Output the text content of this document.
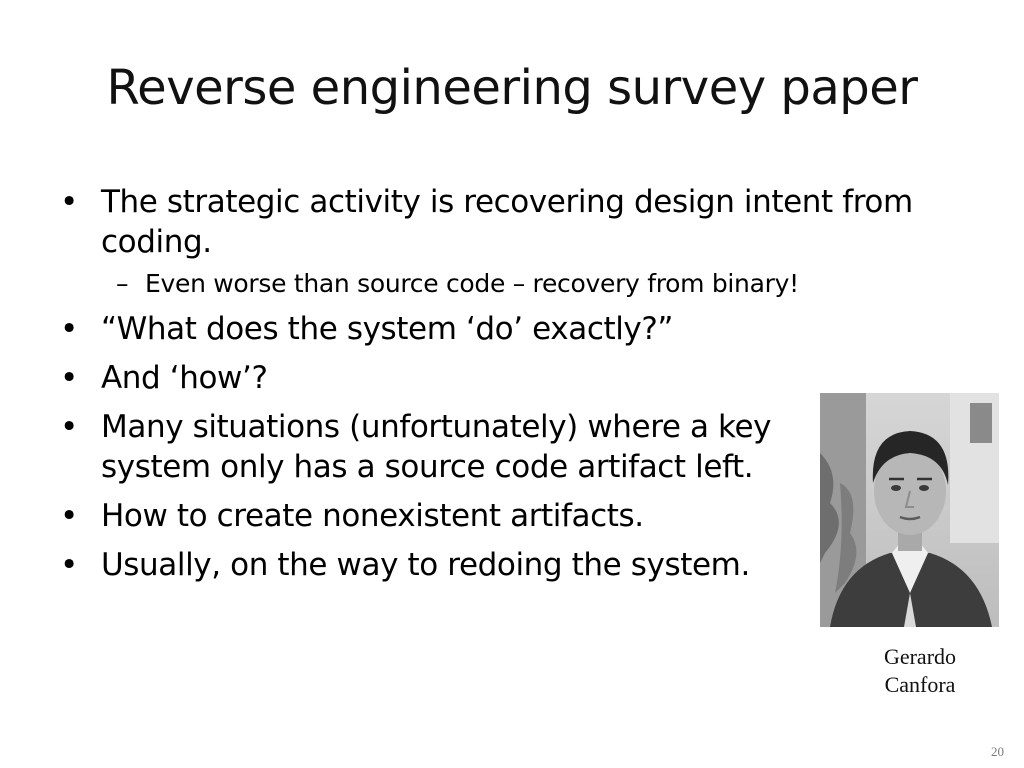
Reverse engineering survey paper
• The strategic activity is recovering design intent from coding.
– Even worse than source code – recovery from binary!
• “What does the system ‘do’ exactly?”
• And ‘how’?
• Many situations (unfortunately) where a key system only has a source code artifact left.
• How to create nonexistent artifacts.
• Usually, on the way to redoing the system.
Gerardo
Canfora
20
